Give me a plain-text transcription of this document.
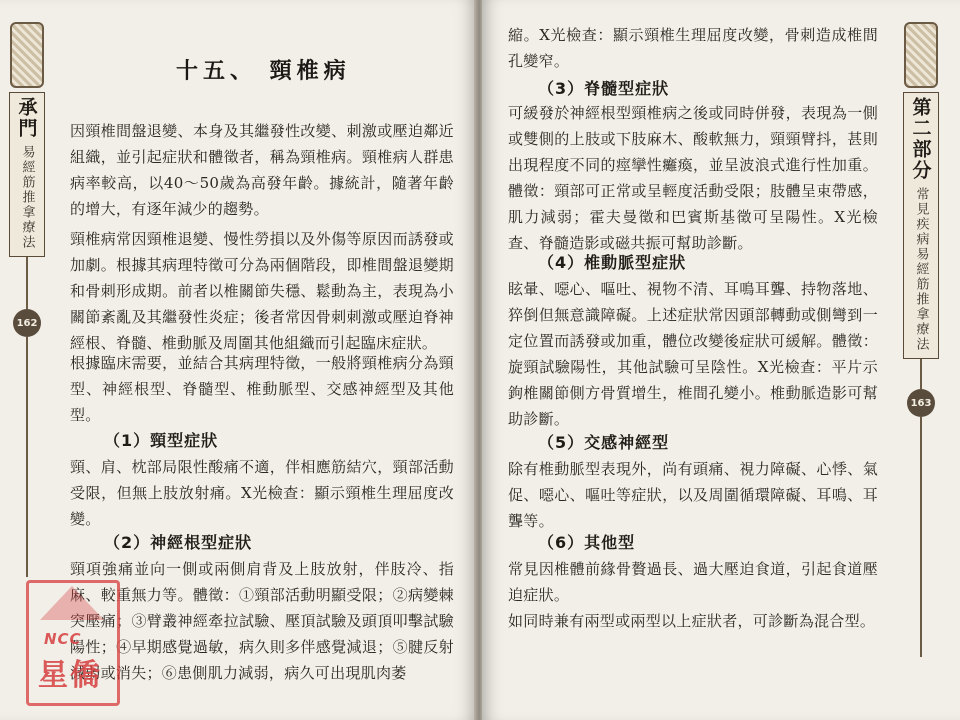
承門
易經筋推拿療法
162
十五、 頸椎病

因頸椎間盤退變、本身及其繼發性改變、刺激或壓迫鄰近組織，並引起症狀和體徵者，稱為頸椎病。頸椎病人群患病率較高，以40～50歲為高發年齡。據統計，隨著年齡的增大，有逐年減少的趨勢。

頸椎病常因頸椎退變、慢性勞損以及外傷等原因而誘發或加劇。根據其病理特徵可分為兩個階段，即椎間盤退變期和骨刺形成期。前者以椎關節失穩、鬆動為主，表現為小關節紊亂及其繼發性炎症；後者常因骨刺刺激或壓迫脊神經根、脊髓、椎動脈及周圍其他組織而引起臨床症狀。

根據臨床需要，並結合其病理特徵，一般將頸椎病分為頸型、神經根型、脊髓型、椎動脈型、交感神經型及其他型。

（1）頸型症狀

頸、肩、枕部局限性酸痛不適，伴相應筋結穴，頸部活動受限，但無上肢放射痛。X光檢查：顯示頸椎生理屈度改變。

（2）神經根型症狀

頸項強痛並向一側或兩側肩背及上肢放射，伴肢冷、指麻、較重無力等。體徵：①頸部活動明顯受限；②病變棘突壓痛；③臂叢神經牽拉試驗、壓頂試驗及頭頂叩擊試驗陽性；④早期感覺過敏，病久則多伴感覺減退；⑤腱反射減弱或消失；⑥患側肌力減弱，病久可出現肌肉萎

NCC
星僑

縮。X光檢查：顯示頸椎生理屈度改變，骨刺造成椎間孔變窄。

（3）脊髓型症狀

可緩發於神經根型頸椎病之後或同時併發，表現為一側或雙側的上肢或下肢麻木、酸軟無力，頸頸臂抖，甚則出現程度不同的痙攣性癱瘓，並呈波浪式進行性加重。體徵：頸部可正常或呈輕度活動受限；肢體呈束帶感，肌力減弱；霍夫曼徵和巴賓斯基徵可呈陽性。X光檢查、脊髓造影或磁共振可幫助診斷。

（4）椎動脈型症狀

眩暈、噁心、嘔吐、視物不清、耳鳴耳聾、持物落地、猝倒但無意識障礙。上述症狀常因頭部轉動或側彎到一定位置而誘發或加重，體位改變後症狀可緩解。體徵：旋頸試驗陽性，其他試驗可呈陰性。X光檢查：平片示鉤椎關節側方骨質增生，椎間孔變小。椎動脈造影可幫助診斷。

（5）交感神經型

除有椎動脈型表現外，尚有頭痛、視力障礙、心悸、氣促、噁心、嘔吐等症狀，以及周圍循環障礙、耳鳴、耳聾等。

（6）其他型

常見因椎體前緣骨贅過長、過大壓迫食道，引起食道壓迫症狀。

如同時兼有兩型或兩型以上症狀者，可診斷為混合型。

第二部分
常見疾病易經筋推拿療法
163
